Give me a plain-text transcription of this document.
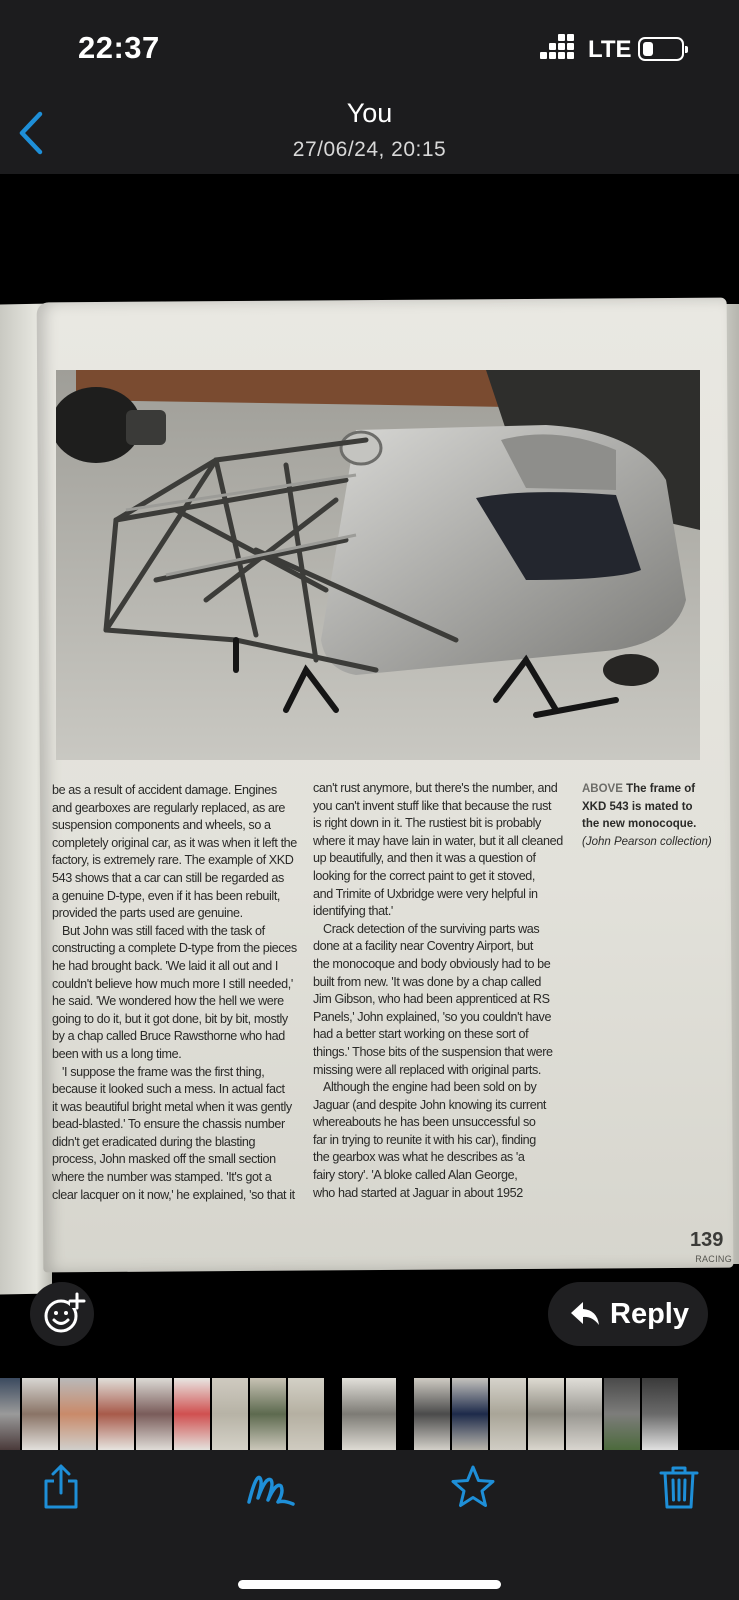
22:37	LTE
You
27/06/24, 20:15

be as a result of accident damage. Engines

and gearboxes are regularly replaced, as are

suspension components and wheels, so a

completely original car, as it was when it left the

factory, is extremely rare. The example of XKD

543 shows that a car can still be regarded as

a genuine D-type, even if it has been rebuilt,

provided the parts used are genuine.

But John was still faced with the task of

constructing a complete D-type from the pieces

he had brought back. 'We laid it all out and I

couldn't believe how much more I still needed,'

he said. 'We wondered how the hell we were

going to do it, but it got done, bit by bit, mostly

by a chap called Bruce Rawsthorne who had

been with us a long time.

'I suppose the frame was the first thing,

because it looked such a mess. In actual fact

it was beautiful bright metal when it was gently

bead-blasted.' To ensure the chassis number

didn't get eradicated during the blasting

process, John masked off the small section

where the number was stamped. 'It's got a

clear lacquer on it now,' he explained, 'so that it

can't rust anymore, but there's the number, and

you can't invent stuff like that because the rust

is right down in it. The rustiest bit is probably

where it may have lain in water, but it all cleaned

up beautifully, and then it was a question of

looking for the correct paint to get it stoved,

and Trimite of Uxbridge were very helpful in

identifying that.'

Crack detection of the surviving parts was

done at a facility near Coventry Airport, but

the monocoque and body obviously had to be

built from new. 'It was done by a chap called

Jim Gibson, who had been apprenticed at RS

Panels,' John explained, 'so you couldn't have

had a better start working on these sort of

things.' Those bits of the suspension that were

missing were all replaced with original parts.

Although the engine had been sold on by

Jaguar (and despite John knowing its current

whereabouts he has been unsuccessful so

far in trying to reunite it with his car), finding

the gearbox was what he describes as 'a

fairy story'. 'A bloke called Alan George,

who had started at Jaguar in about 1952

ABOVE The frame of
XKD 543 is mated to
the new monocoque.
(John Pearson collection)
139
RACING
Reply
